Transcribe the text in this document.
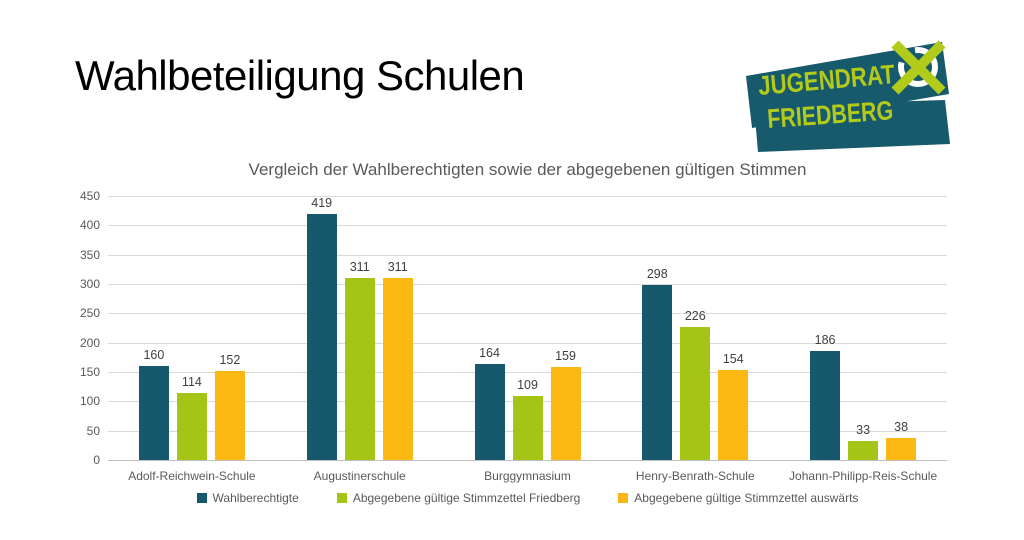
Wahlbeteiligung Schulen	JUGENDRAT
FRIEDBERG
Vergleich der Wahlberechtigten sowie der abgegebenen gültigen Stimmen
0
50
100
150
200
250
300
350
400
450
160
114
152
Adolf-Reichwein-Schule
419
311	311
Augustinerschule
164
109
159
Burggymnasium
298
226
154
Henry-Benrath-Schule
186
33	38
Johann-Philipp-Reis-Schule
Wahlberechtigte	Abgegebene gültige Stimmzettel Friedberg	Abgegebene gültige Stimmzettel auswärts
